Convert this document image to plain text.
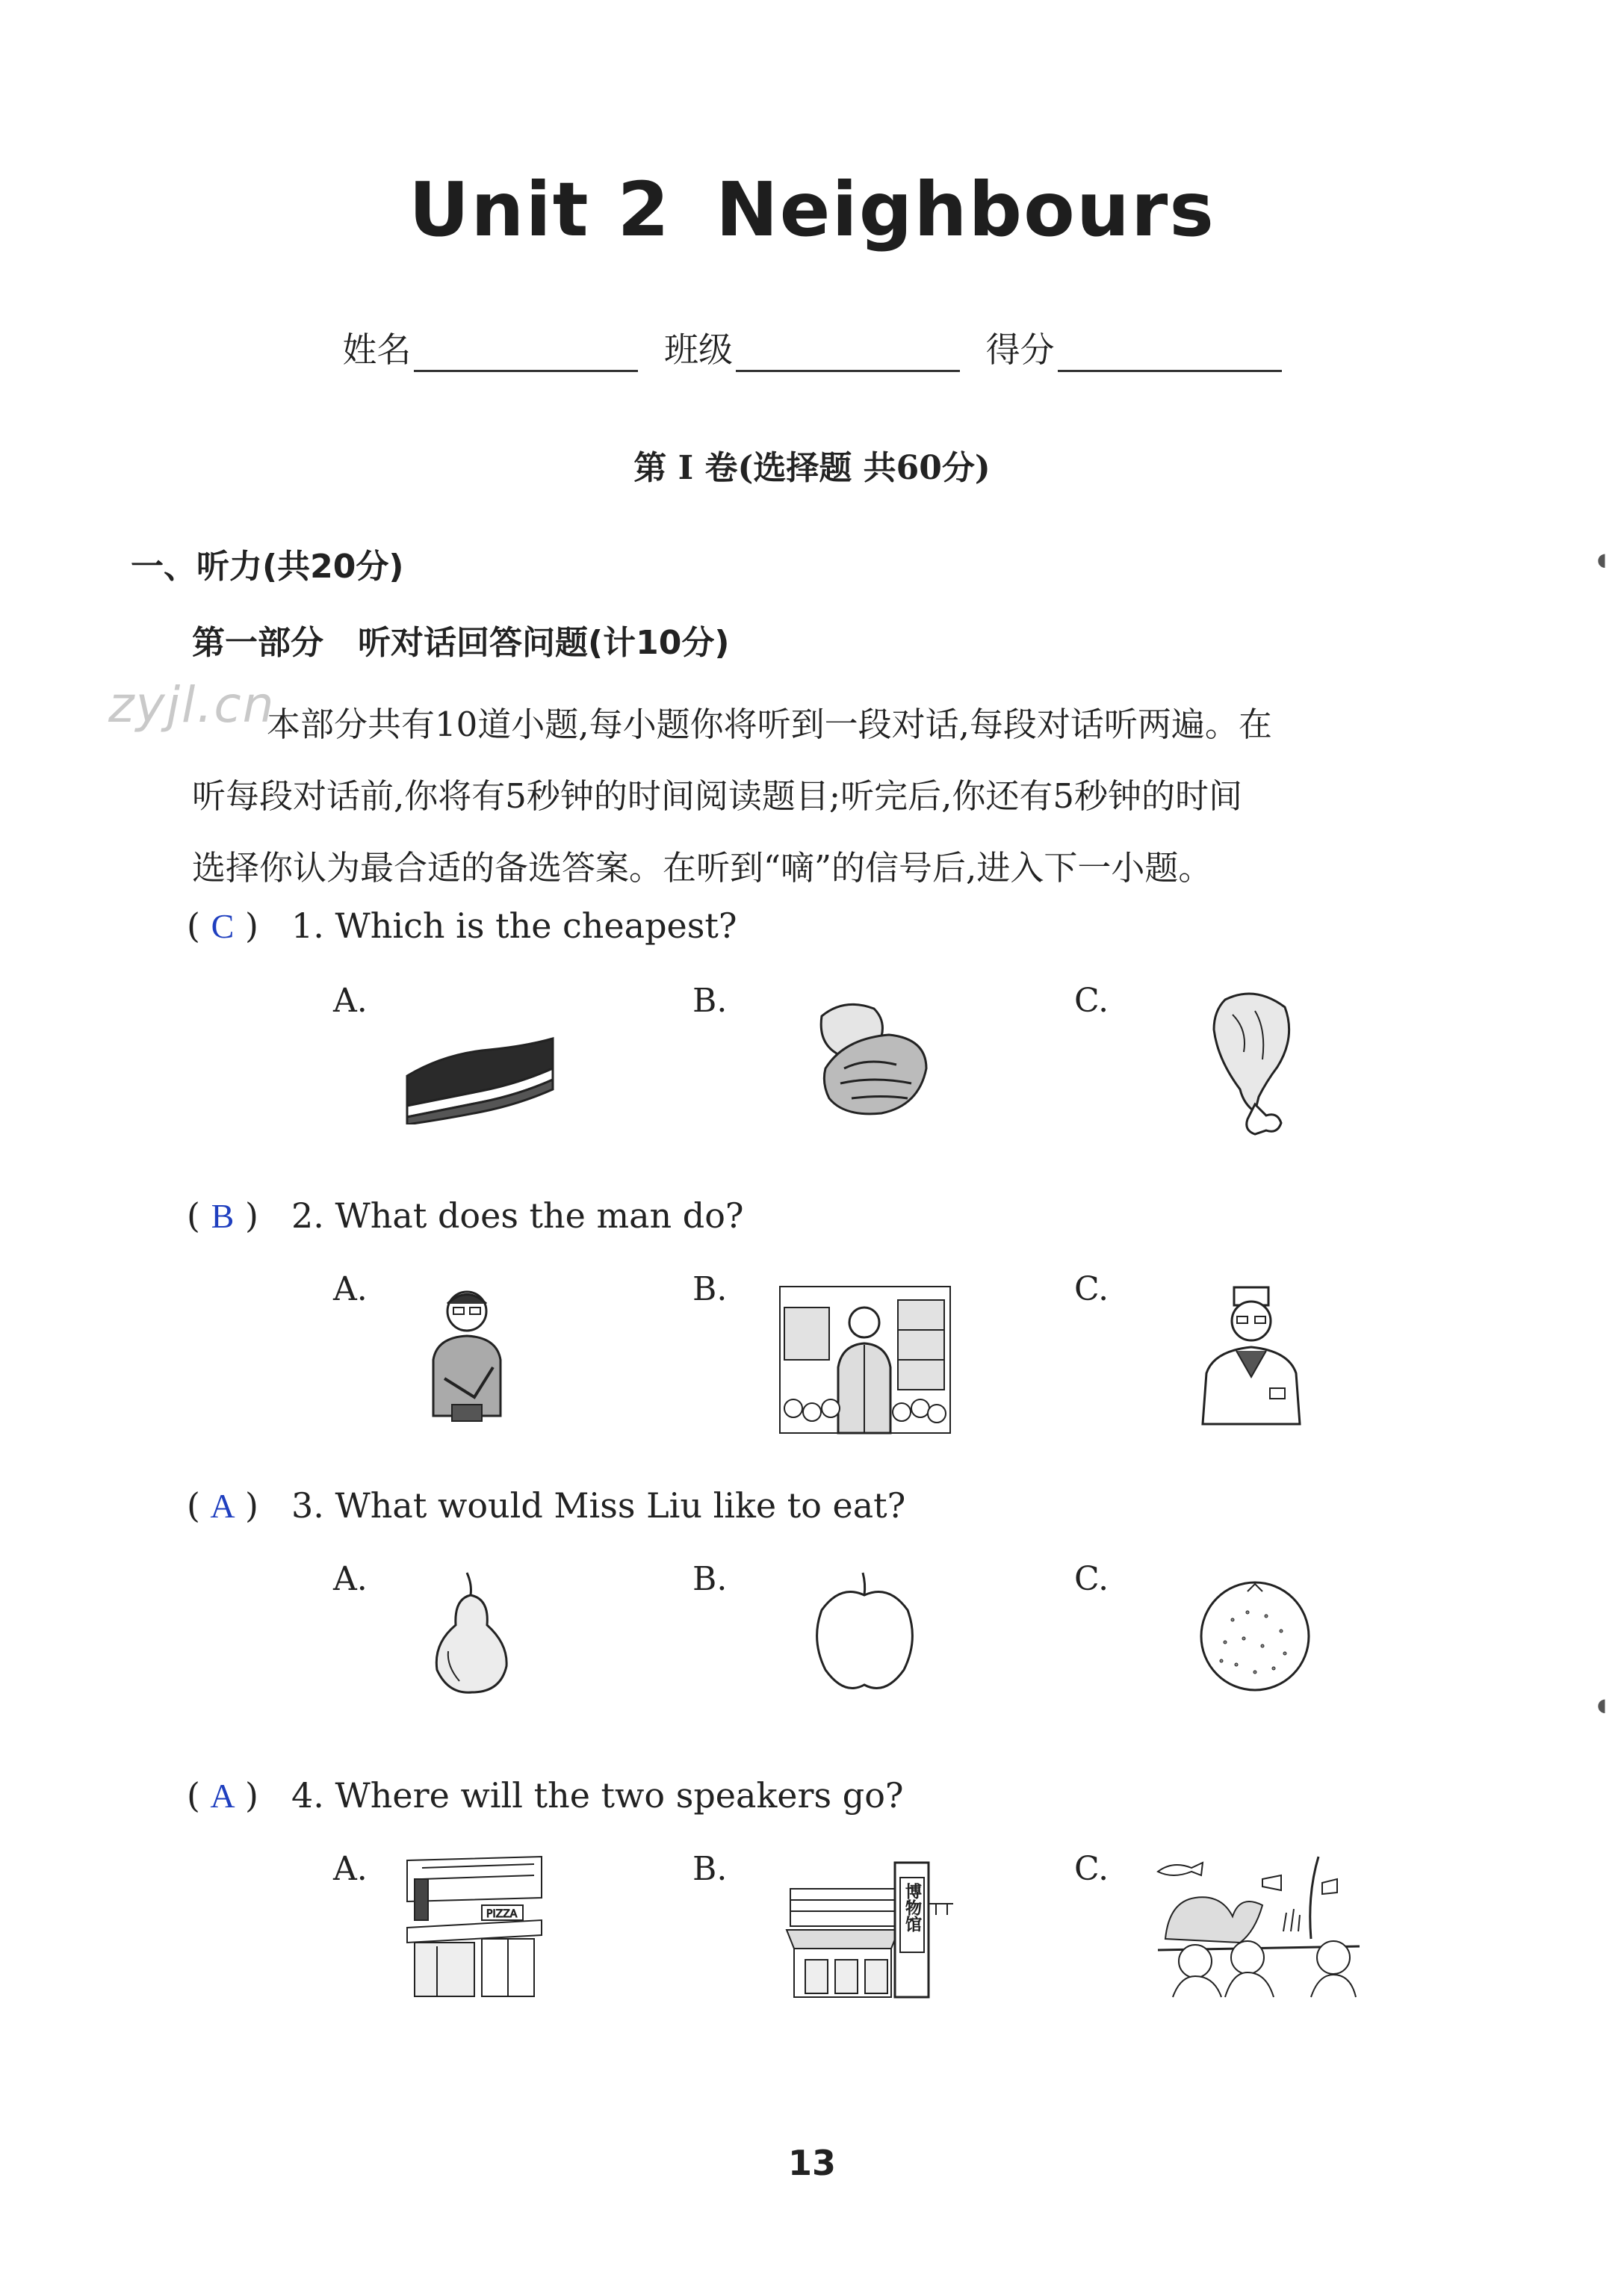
Unit 2 Neighbours
姓名	班级	得分
第 I 卷(选择题 共60分)
一、听力(共20分)
第一部分 听对话回答问题(计10分)
zyjl.cn

本部分共有10道小题,每小题你将听到一段对话,每段对话听两遍。在

听每段对话前,你将有5秒钟的时间阅读题目;听完后,你还有5秒钟的时间

选择你认为最合适的备选答案。在听到“嘀”的信号后,进入下一小题。

( C ) 1. Which is the cheapest?
A.	B.	C.
( B ) 2. What does the man do?
A.	B.	C.
( A ) 3. What would Miss Liu like to eat?
A.	B.	C.
( A ) 4. Where will the two speakers go?
A.	B.	C.
PIZZA	博物馆
13
◖
◖
